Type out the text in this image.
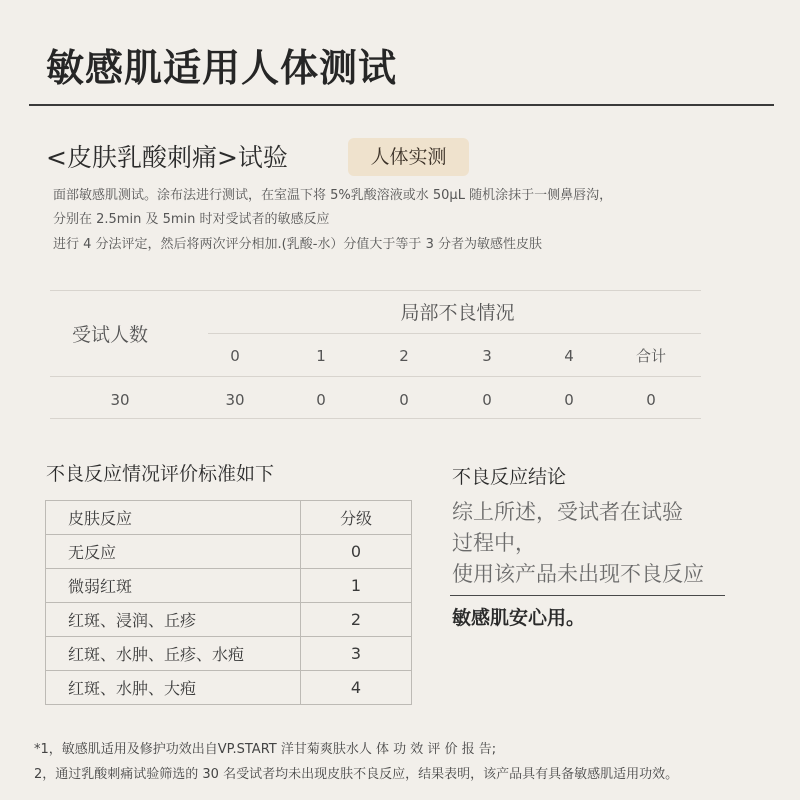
敏感肌适用人体测试
<皮肤乳酸刺痛>试验	人体实测

面部敏感肌测试。涂布法进行测试，在室温下将 5%乳酸溶液或水 50μL 随机涂抹于一侧鼻唇沟，

分别在 2.5min 及 5min 时对受试者的敏感反应

进行 4 分法评定，然后将两次评分相加.(乳酸-水）分值大于等于 3 分者为敏感性皮肤

受试人数
局部不良情况
0	1	2	3	4	合计
30	30	0	0	0	0	0
不良反应情况评价标准如下
皮肤反应	分级
无反应	0
微弱红斑	1
红斑、浸润、丘疹	2
红斑、水肿、丘疹、水疱	3
红斑、水肿、大疱	4
不良反应结论

综上所述，受试者在试验

过程中，

使用该产品未出现不良反应

敏感肌安心用。

*1，敏感肌适用及修护功效出自VP.START 洋甘菊爽肤水人 体 功 效 评 价 报 告;

2，通过乳酸刺痛试验筛选的 30 名受试者均未出现皮肤不良反应，结果表明，该产品具有具备敏感肌适用功效。
